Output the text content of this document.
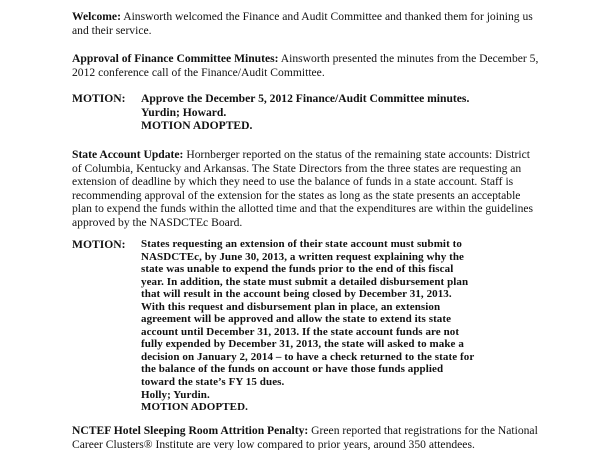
Welcome: Ainsworth welcomed the Finance and Audit Committee and thanked them for joining us and their service.

Approval of Finance Committee Minutes: Ainsworth presented the minutes from the December 5, 2012 conference call of the Finance/Audit Committee.

MOTION: Approve the December 5, 2012 Finance/Audit Committee minutes.
Yurdin; Howard.
MOTION ADOPTED.

State Account Update: Hornberger reported on the status of the remaining state accounts: District of Columbia, Kentucky and Arkansas. The State Directors from the three states are requesting an extension of deadline by which they need to use the balance of funds in a state account. Staff is recommending approval of the extension for the states as long as the state presents an acceptable plan to expend the funds within the allotted time and that the expenditures are within the guidelines approved by the NASDCTEc Board.

MOTION: States requesting an extension of their state account must submit to
NASDCTEc, by June 30, 2013, a written request explaining why the
state was unable to expend the funds prior to the end of this fiscal
year. In addition, the state must submit a detailed disbursement plan
that will result in the account being closed by December 31, 2013.
With this request and disbursement plan in place, an extension
agreement will be approved and allow the state to extend its state
account until December 31, 2013. If the state account funds are not
fully expended by December 31, 2013, the state will asked to make a
decision on January 2, 2014 – to have a check returned to the state for
the balance of the funds on account or have those funds applied
toward the state’s FY 15 dues.
Holly; Yurdin.
MOTION ADOPTED.

NCTEF Hotel Sleeping Room Attrition Penalty: Green reported that registrations for the National Career Clusters® Institute are very low compared to prior years, around 350 attendees.
